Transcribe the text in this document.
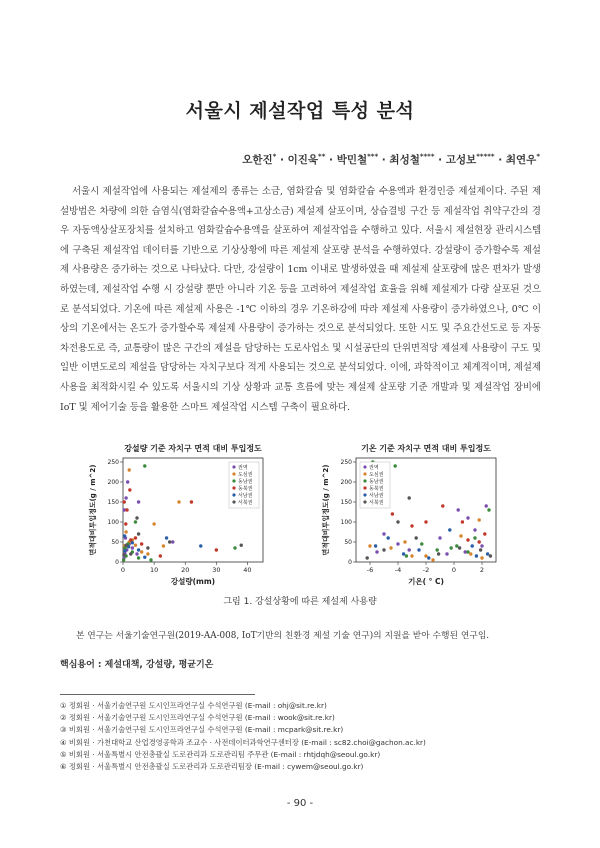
서울시 제설작업 특성 분석
오한진* · 이진욱** · 박민철*** · 최성철**** · 고성보***** · 최연우*
서울시 제설작업에 사용되는 제설제의 종류는 소금, 염화칼슘 및 염화칼슘 수용액과 환경인증 제설제이다. 주된 제설방법은 차량에 의한 습염식(염화칼슘수용액+고상소금) 제설제 살포이며, 상습결빙 구간 등 제설작업 취약구간의 경우 자동액상살포장치를 설치하고 염화칼슘수용액을 살포하여 제설작업을 수행하고 있다. 서울시 제설현장 관리시스템에 구축된 제설작업 데이터를 기반으로 기상상황에 따른 제설제 살포량 분석을 수행하였다. 강설량이 증가할수록 제설제 사용량은 증가하는 것으로 나타났다. 다만, 강설량이 1cm 이내로 발생하였을 때 제설제 살포량에 많은 편차가 발생하였는데, 제설작업 수행 시 강설량 뿐만 아니라 기온 등을 고려하여 제설작업 효율을 위해 제설제가 다량 살포된 것으로 분석되었다. 기온에 따른 제설제 사용은 -1℃ 이하의 경우 기온하강에 따라 제설제 사용량이 증가하였으나, 0℃ 이상의 기온에서는 온도가 증가할수록 제설제 사용량이 증가하는 것으로 분석되었다. 또한 시도 및 주요간선도로 등 자동차전용도로 즉, 교통량이 많은 구간의 제설을 담당하는 도로사업소 및 시설공단의 단위면적당 제설제 사용량이 구도 및 일반 이면도로의 제설을 담당하는 자치구보다 적게 사용되는 것으로 분석되었다. 이에, 과학적이고 체계적이며, 제설제 사용을 최적화시킬 수 있도록 서울시의 기상 상황과 교통 흐름에 맞는 제설제 살포량 기준 개발과 및 제설작업 장비에 IoT 및 제어기술 등을 활용한 스마트 제설작업 시스템 구축이 필요하다.
강설량 기준 자치구 면적 대비 투입정도
0	10	20	30	40
0
50
100
150
200
250
강설량(mm)
면적대비투입정도(g / m^2)	권역
도심권
동남권
동북권
서남권
서북권
기온 기준 자치구 면적 대비 투입정도
-6	-4	-2	0	2
0
50
100
150
200
250
기온( ° C)
면적대비투입정도(g / m^2)	권역
도심권
동남권
동북권
서남권
서북권
그림 1. 강설상황에 따른 제설제 사용량
본 연구는 서울기술연구원(2019-AA-008, IoT기반의 친환경 제설 기술 연구)의 지원을 받아 수행된 연구임.
핵심용어 : 제설대책, 강설량, 평균기온
① 정회원 · 서울기술연구원 도시인프라연구실 수석연구원 (E-mail : ohj@sit.re.kr)
② 정회원 · 서울기술연구원 도시인프라연구실 수석연구원 (E-mail : wook@sit.re.kr)
③ 비회원 · 서울기술연구원 도시인프라연구실 수석연구원 (E-mail : mcpark@sit.re.kr)
④ 비회원 · 가천대학교 산업경영공학과 조교수 · 사전데이터과학연구센터장 (E-mail : sc82.choi@gachon.ac.kr)
⑤ 비회원 · 서울특별시 안전총괄실 도로관리과 도로관리팀 주무관 (E-mail : rhtjdqh@seoul.go.kr)
⑥ 정회원 · 서울특별시 안전총괄실 도로관리과 도로관리팀장 (E-mail : cywem@seoul.go.kr)
- 90 -
